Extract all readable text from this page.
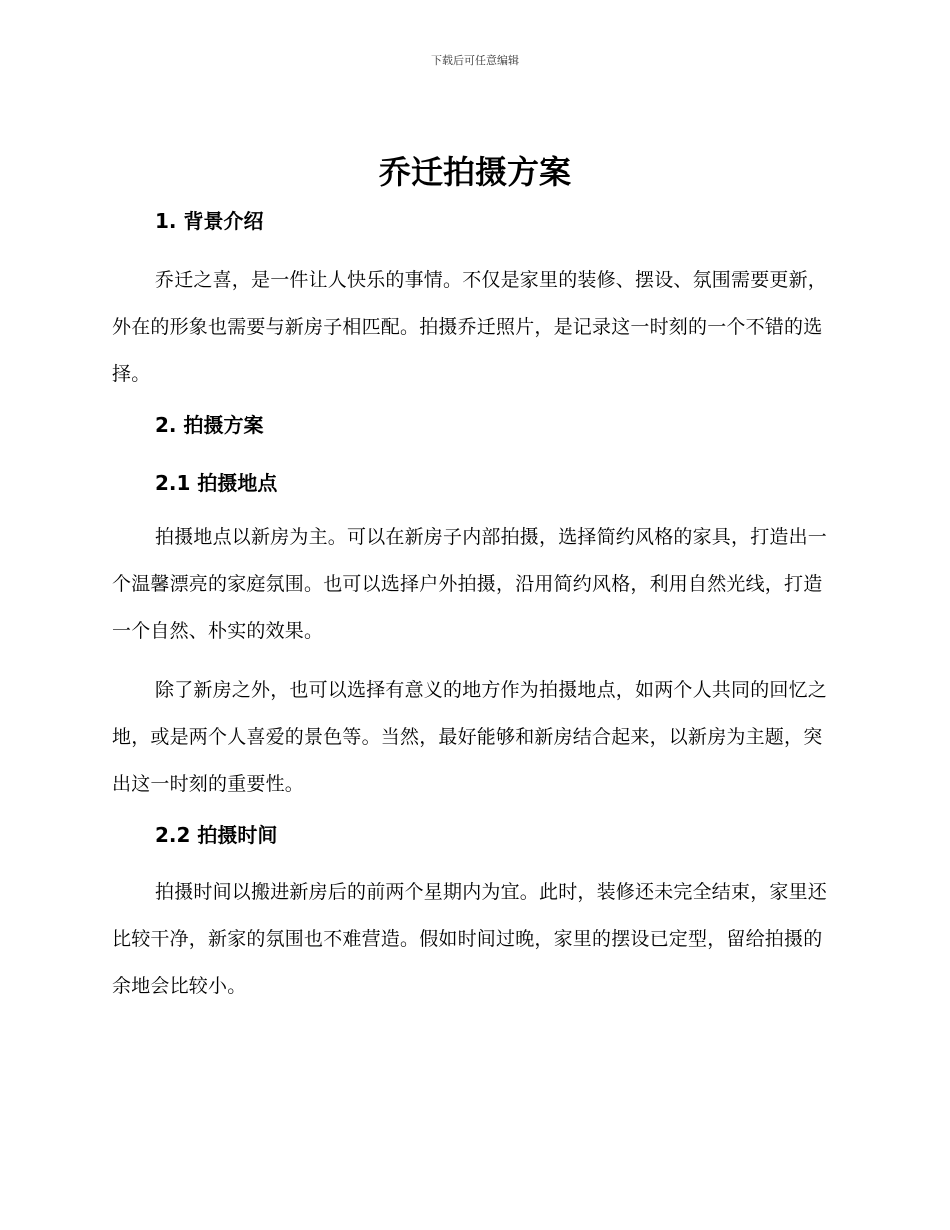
下载后可任意编辑
乔迁拍摄方案
1. 背景介绍

乔迁之喜，是一件让人快乐的事情。不仅是家里的装修、摆设、氛围需要更新，外在的形象也需要与新房子相匹配。拍摄乔迁照片，是记录这一时刻的一个不错的选择。

2. 拍摄方案
2.1 拍摄地点

拍摄地点以新房为主。可以在新房子内部拍摄，选择简约风格的家具，打造出一个温馨漂亮的家庭氛围。也可以选择户外拍摄，沿用简约风格，利用自然光线，打造一个自然、朴实的效果。

除了新房之外，也可以选择有意义的地方作为拍摄地点，如两个人共同的回忆之地，或是两个人喜爱的景色等。当然，最好能够和新房结合起来，以新房为主题，突出这一时刻的重要性。

2.2 拍摄时间

拍摄时间以搬进新房后的前两个星期内为宜。此时，装修还未完全结束，家里还比较干净，新家的氛围也不难营造。假如时间过晚，家里的摆设已定型，留给拍摄的余地会比较小。
